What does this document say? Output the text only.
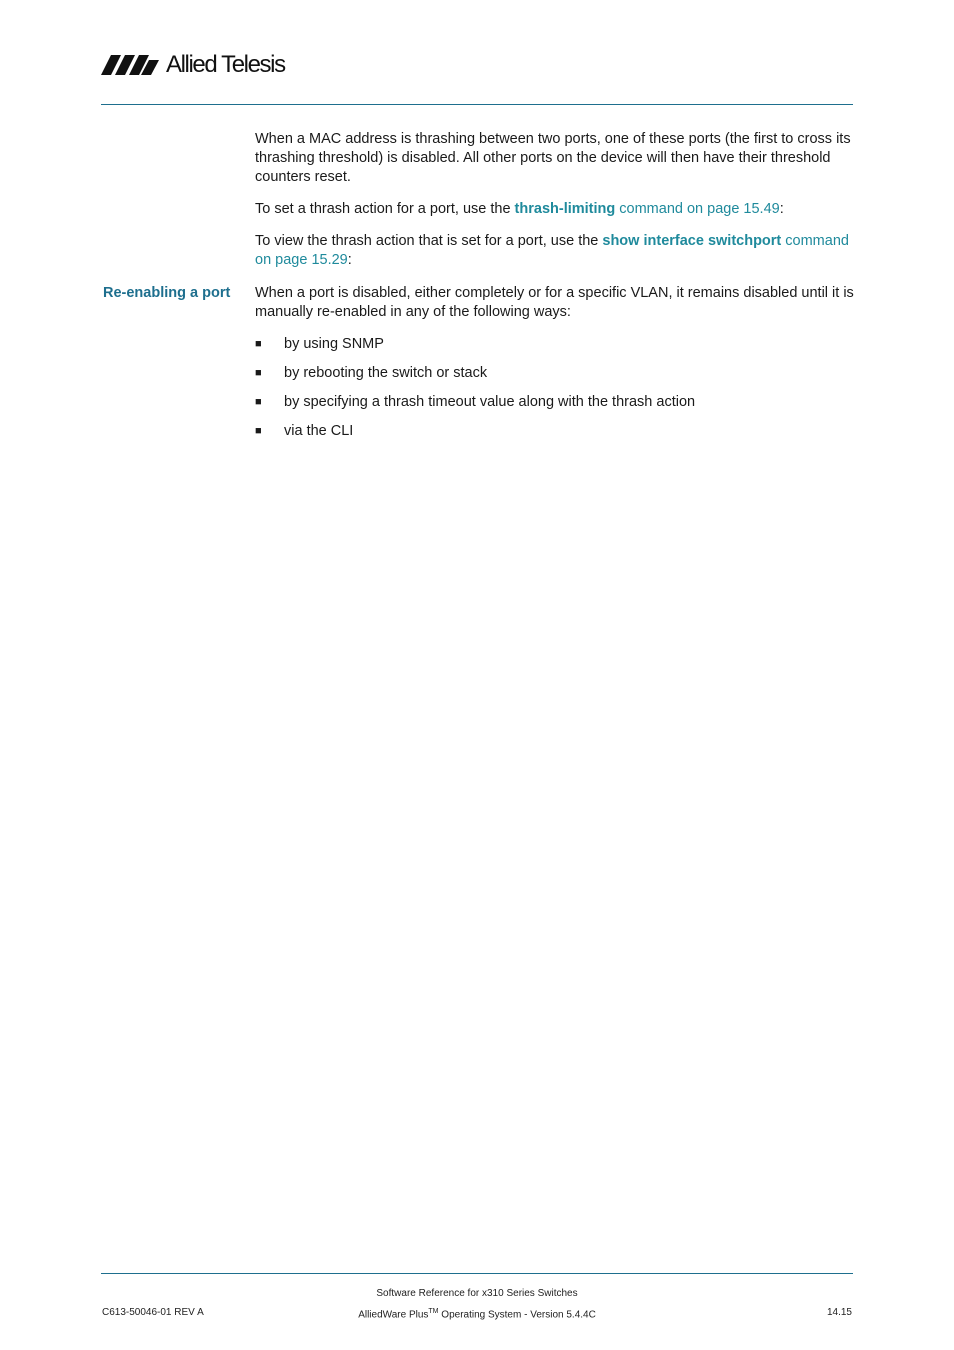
Allied Telesis

When a MAC address is thrashing between two ports, one of these ports (the first to cross its thrashing threshold) is disabled. All other ports on the device will then have their threshold counters reset.

To set a thrash action for a port, use the thrash-limiting command on page 15.49:

To view the thrash action that is set for a port, use the show interface switchport command on page 15.29:

Re-enabling a port When a port is disabled, either completely or for a specific VLAN, it remains disabled until it is manually re-enabled in any of the following ways:

■	by using SNMP
■	by rebooting the switch or stack
■	by specifying a thrash timeout value along with the thrash action
■	via the CLI
Software Reference for x310 Series Switches
AlliedWare Plus™ Operating System - Version 5.4.4C
C613-50046-01 REV A	14.15
